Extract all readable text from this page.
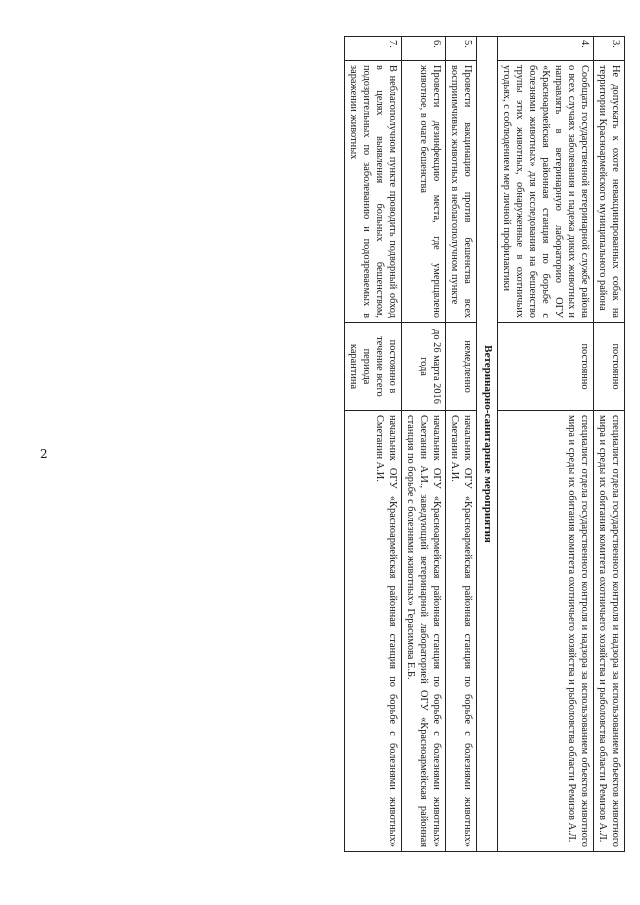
2
3.	Не допускать к охоте невакцинированных собак на территории Красноармейского муниципального района	постоянно	специалист отдела государственного контроля и надзора за использованием объектов животного мира и среды их обитания комитета охотничьего хозяйства и рыболовства области Ремизов А.Л.
4.	Сообщать государственной ветеринарной службе района о всех случаях заболевания и падежа диких животных и направлять в ветеринарную лабораторию ОГУ «Красноармейская районная станция по борьбе с болезнями животных» для исследования на бешенство трупы этих животных, обнаруженные в охотничьих угодьях, с соблюдением мер личной профилактики	постоянно	специалист отдела государственного контроля и надзора за использованием объектов животного мира и среды их обитания комитета охотничьего хозяйства и рыболовства области Ремизов А.Л.
Ветеринарно-санитарные мероприятия			
5.	Провести вакцинацию против бешенства всех восприимчивых животных в неблагополучном пункте	немедленно	начальник ОГУ «Красноармейская районная станция по борьбе с болезнями животных» Сметанин А.И.
6.	Провести дезинфекцию места, где умерщвлено животное, в очаге бешенства	до 26 марта 2016 года	начальник ОГУ «Красноармейская районная станция по борьбе с болезнями животных» Сметанин А.И., заведующий ветеринарной лабораторией ОГУ «Красноармейская районная станция по борьбе с болезнями животных» Герасимова Е.Б.
7.	В неблагополучном пункте проводить подворный обход в целях выявления больных бешенством, подозрительных по заболеванию и подозреваемых в заражении животных	постоянно в течение всего периода карантина	начальник ОГУ «Красноармейская районная станция по борьбе с болезнями животных» Сметанин А.И.
